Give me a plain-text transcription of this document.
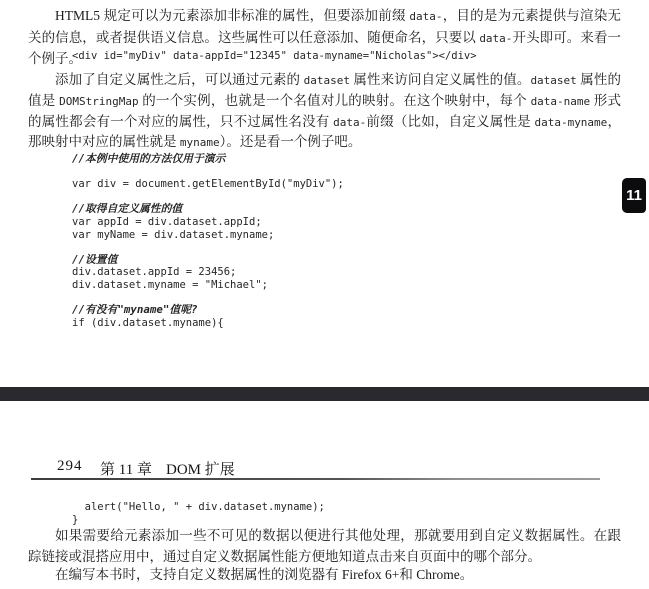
HTML5 规定可以为元素添加非标准的属性，但要添加前缀 data-，目的是为元素提供与渲染无关的信息，或者提供语义信息。这些属性可以任意添加、随便命名，只要以 data-开头即可。来看一个例子。
<div id="myDiv" data-appId="12345" data-myname="Nicholas"></div>
添加了自定义属性之后，可以通过元素的 dataset 属性来访问自定义属性的值。dataset 属性的值是 DOMStringMap 的一个实例，也就是一个名值对儿的映射。在这个映射中，每个 data-name 形式的属性都会有一个对应的属性，只不过属性名没有 data-前缀（比如，自定义属性是 data-myname，那映射中对应的属性就是 myname）。还是看一个例子吧。
//本例中使用的方法仅用于演示

var div = document.getElementById("myDiv");

//取得自定义属性的值
var appId = div.dataset.appId;
var myName = div.dataset.myname;

//设置值
div.dataset.appId = 23456;
div.dataset.myname = "Michael";

//有没有"myname"值呢?
if (div.dataset.myname){
11
294 第 11 章 DOM 扩展
alert("Hello, " + div.dataset.myname);
}
如果需要给元素添加一些不可见的数据以便进行其他处理，那就要用到自定义数据属性。在跟踪链接或混搭应用中，通过自定义数据属性能方便地知道点击来自页面中的哪个部分。
在编写本书时，支持自定义数据属性的浏览器有 Firefox 6+和 Chrome。
